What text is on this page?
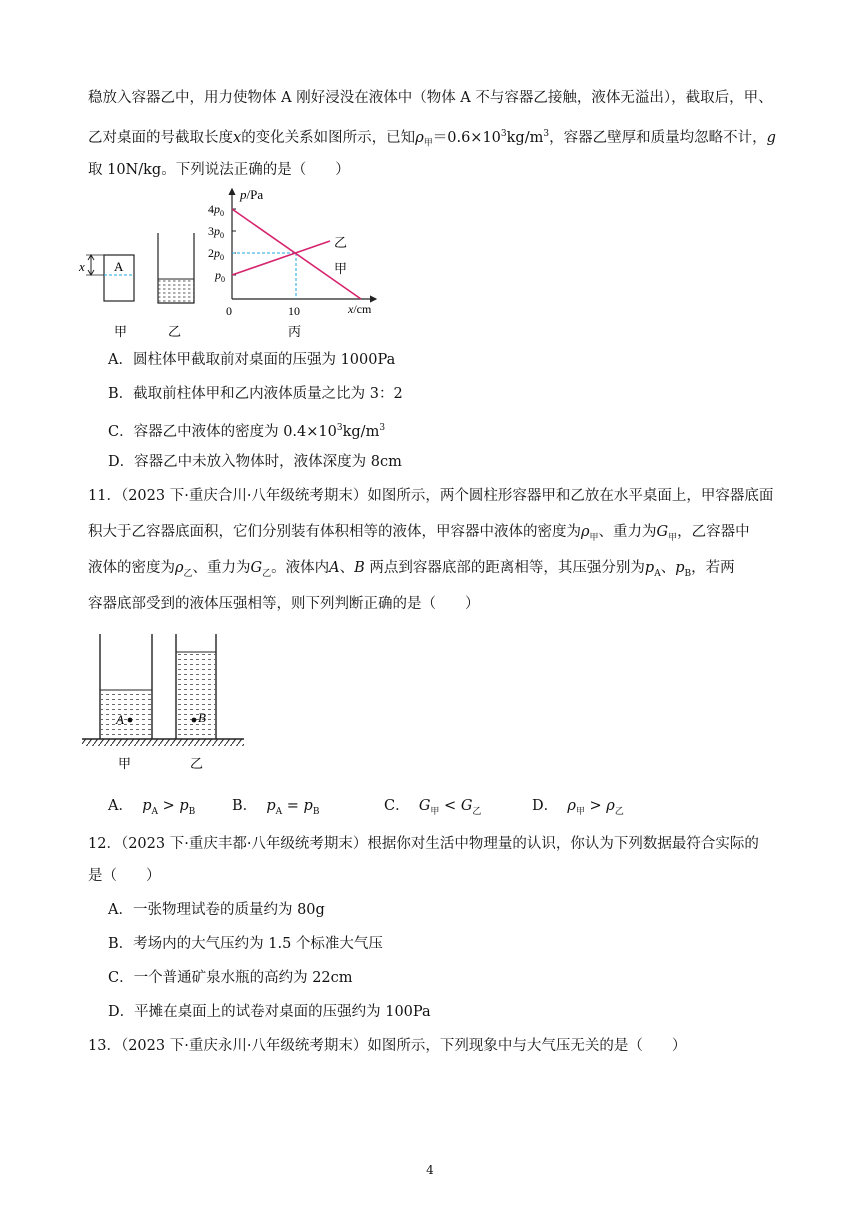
稳放入容器乙中，用力使物体 A 刚好浸没在液体中（物体 A 不与容器乙接触，液体无溢出），截取后，甲、
乙对桌面的号截取长度x的变化关系如图所示，已知$\rho_甲=0.6\times 10^3kg/m^3$，容器乙壁厚和质量均忽略不计，g
取 10N/kg。下列说法正确的是（　　）
A
x
甲	乙
p/Pa
x/cm
$4p_0$
$3p_0$
$2p_0$
$p_0$
0	10
丙
乙
甲
A．圆柱体甲截取前对桌面的压强为 1000Pa
B．截取前柱体甲和乙内液体质量之比为 3：2
C．容器乙中液体的密度为 $0.4\times 10^3kg/m^3$
D．容器乙中未放入物体时，液体深度为 8cm
11．（2023 下·重庆合川·八年级统考期末）如图所示，两个圆柱形容器甲和乙放在水平桌面上，甲容器底面
积大于乙容器底面积，它们分别装有体积相等的液体，甲容器中液体的密度为$\rho_甲$、重力为$G_甲$，乙容器中
液体的密度为$\rho_乙$、重力为$G_乙$。液体内A、B 两点到容器底部的距离相等，其压强分别为$p_A$、$p_B$，若两
容器底部受到的液体压强相等，则下列判断正确的是（　　）
A	B
甲	乙
A． $p_A > p_B$	B． $p_A = p_B$	C． $G_甲 < G_乙$	D． $\rho_甲 > \rho_乙$
12．（2023 下·重庆丰都·八年级统考期末）根据你对生活中物理量的认识，你认为下列数据最符合实际的
是（　　）
A．一张物理试卷的质量约为 80g
B．考场内的大气压约为 1.5 个标准大气压
C．一个普通矿泉水瓶的高约为 22cm
D．平摊在桌面上的试卷对桌面的压强约为 100Pa
13．（2023 下·重庆永川·八年级统考期末）如图所示，下列现象中与大气压无关的是（　　）
4
